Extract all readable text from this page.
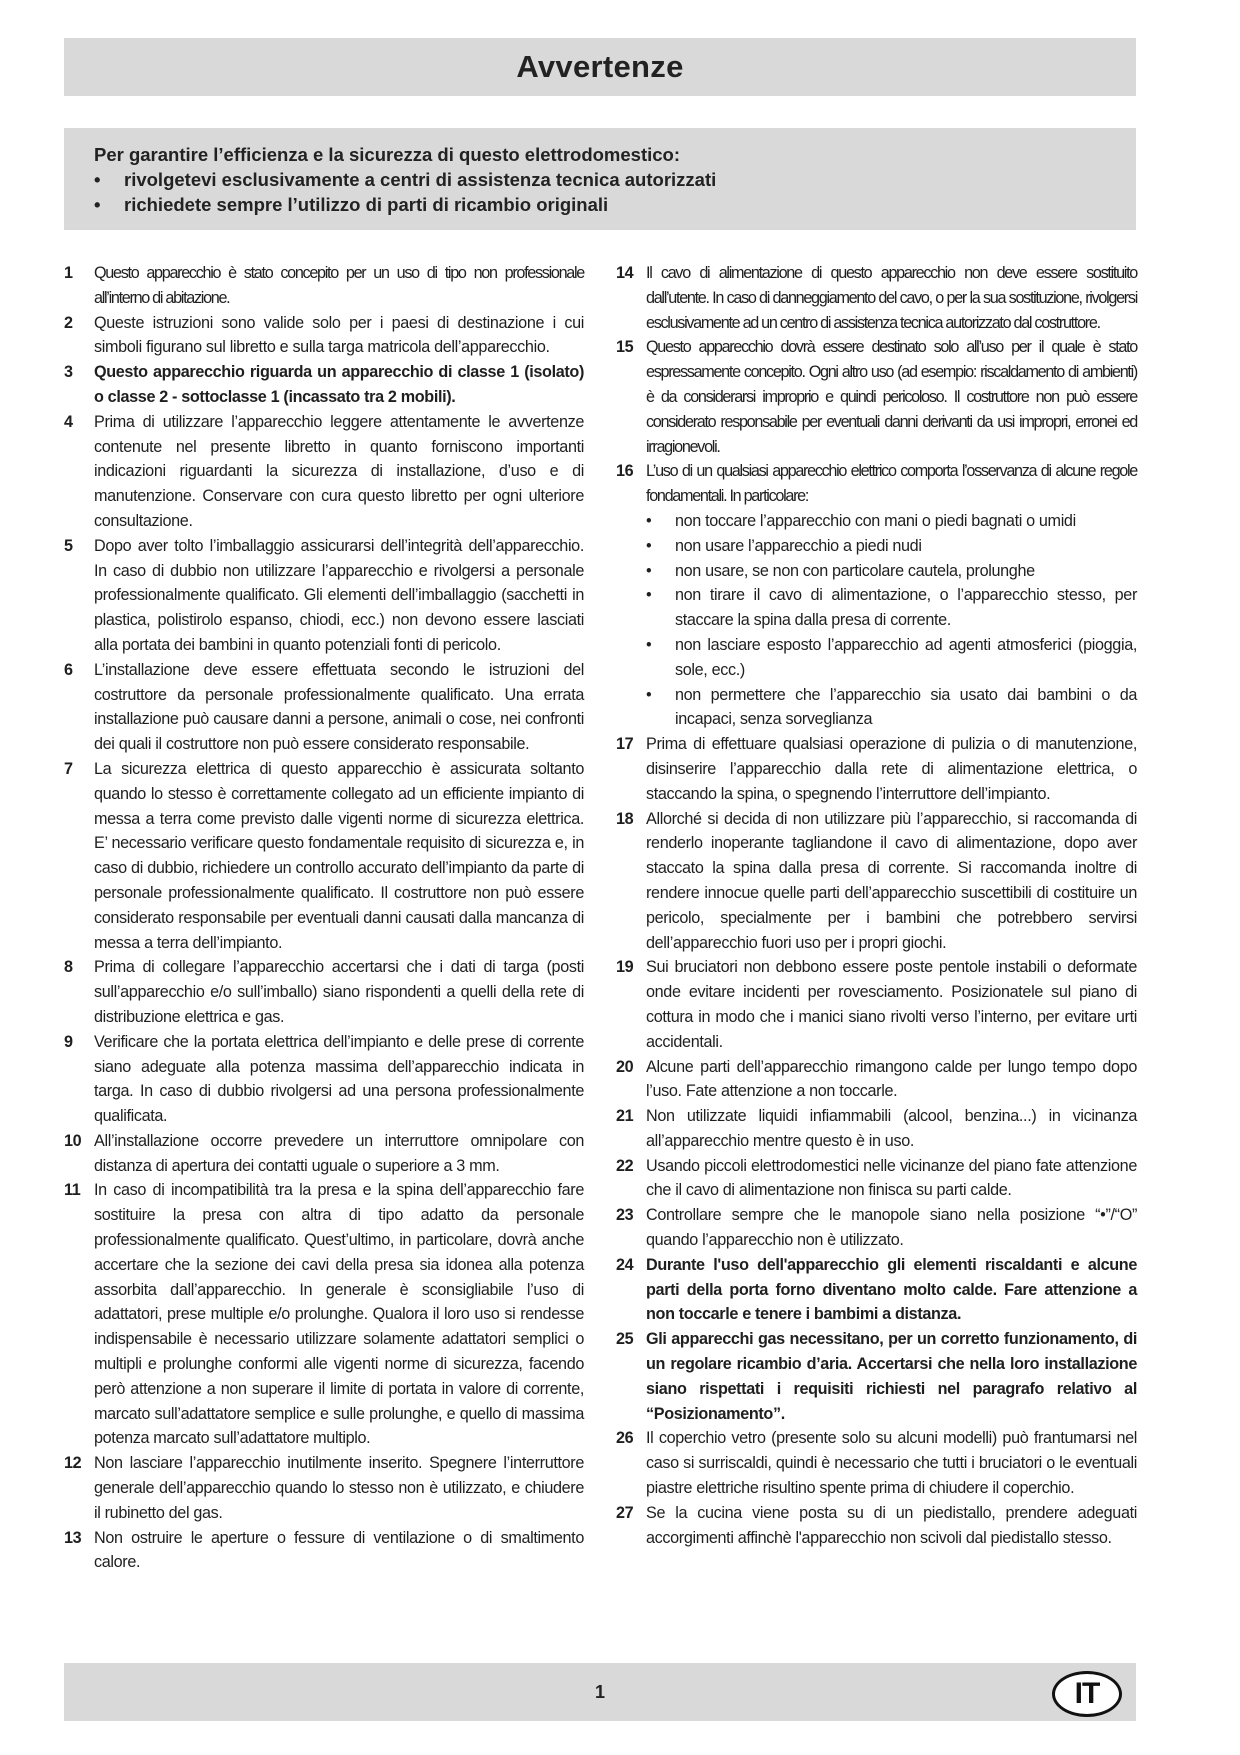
Avvertenze
Per garantire l’efficienza e la sicurezza di questo elettrodomestico:
•	rivolgetevi esclusivamente a centri di assistenza tecnica autorizzati
•	richiedete sempre l’utilizzo di parti di ricambio originali
1	Questo apparecchio è stato concepito per un uso di tipo non professionale all’interno di abitazione.
2	Queste istruzioni sono valide solo per i paesi di destinazione i cui simboli figurano sul libretto e sulla targa matricola dell’apparecchio.
3	Questo apparecchio riguarda un apparecchio di classe 1 (isolato) o classe 2 - sottoclasse 1 (incassato tra 2 mobili).
4	Prima di utilizzare l’apparecchio leggere attentamente le avvertenze contenute nel presente libretto in quanto forniscono importanti indicazioni riguardanti la sicurezza di installazione, d’uso e di manutenzione. Conservare con cura questo libretto per ogni ulteriore consultazione.
5	Dopo aver tolto l’imballaggio assicurarsi dell’integrità dell’apparecchio. In caso di dubbio non utilizzare l’apparecchio e rivolgersi a personale professionalmente qualificato. Gli elementi dell’imballaggio (sacchetti in plastica, polistirolo espanso, chiodi, ecc.) non devono essere lasciati alla portata dei bambini in quanto potenziali fonti di pericolo.
6	L’installazione deve essere effettuata secondo le istruzioni del costruttore da personale professionalmente qualificato. Una errata installazione può causare danni a persone, animali o cose, nei confronti dei quali il costruttore non può essere considerato responsabile.
7	La sicurezza elettrica di questo apparecchio è assicurata soltanto quando lo stesso è correttamente collegato ad un efficiente impianto di messa a terra come previsto dalle vigenti norme di sicurezza elettrica. E’ necessario verificare questo fondamentale requisito di sicurezza e, in caso di dubbio, richiedere un controllo accurato dell’impianto da parte di personale professionalmente qualificato. Il costruttore non può essere considerato responsabile per eventuali danni causati dalla mancanza di messa a terra dell’impianto.
8	Prima di collegare l’apparecchio accertarsi che i dati di targa (posti sull’apparecchio e/o sull’imballo) siano rispondenti a quelli della rete di distribuzione elettrica e gas.
9	Verificare che la portata elettrica dell’impianto e delle prese di corrente siano adeguate alla potenza massima dell’apparecchio indicata in targa. In caso di dubbio rivolgersi ad una persona professionalmente qualificata.
10 All’installazione occorre prevedere un interruttore omnipolare con distanza di apertura dei contatti uguale o superiore a 3 mm.
11 In caso di incompatibilità tra la presa e la spina dell’apparecchio fare sostituire la presa con altra di tipo adatto da personale professionalmente qualificato. Quest’ultimo, in particolare, dovrà anche accertare che la sezione dei cavi della presa sia idonea alla potenza assorbita dall’apparecchio. In generale è sconsigliabile l’uso di adattatori, prese multiple e/o prolunghe. Qualora il loro uso si rendesse indispensabile è necessario utilizzare solamente adattatori semplici o multipli e prolunghe conformi alle vigenti norme di sicurezza, facendo però attenzione a non superare il limite di portata in valore di corrente, marcato sull’adattatore semplice e sulle prolunghe, e quello di massima potenza marcato sull’adattatore multiplo.
12 Non lasciare l’apparecchio inutilmente inserito. Spegnere l’interruttore generale dell’apparecchio quando lo stesso non è utilizzato, e chiudere il rubinetto del gas.
13 Non ostruire le aperture o fessure di ventilazione o di smaltimento calore.
14 Il cavo di alimentazione di questo apparecchio non deve essere sostituito dall’utente. In caso di danneggiamento del cavo, o per la sua sostituzione, rivolgersi esclusivamente ad un centro di assistenza tecnica autorizzato dal costruttore.
15 Questo apparecchio dovrà essere destinato solo all’uso per il quale è stato espressamente concepito. Ogni altro uso (ad esempio: riscaldamento di ambienti) è da considerarsi improprio e quindi pericoloso. Il costruttore non può essere considerato responsabile per eventuali danni derivanti da usi impropri, erronei ed irragionevoli.
16 L’uso di un qualsiasi apparecchio elettrico comporta l’osservanza di alcune regole fondamentali. In particolare:
•	non toccare l’apparecchio con mani o piedi bagnati o umidi
•	non usare l’apparecchio a piedi nudi
•	non usare, se non con particolare cautela, prolunghe
•	non tirare il cavo di alimentazione, o l’apparecchio stesso, per staccare la spina dalla presa di corrente.
•	non lasciare esposto l’apparecchio ad agenti atmosferici (pioggia, sole, ecc.)
•	non permettere che l’apparecchio sia usato dai bambini o da incapaci, senza sorveglianza
17 Prima di effettuare qualsiasi operazione di pulizia o di manutenzione, disinserire l’apparecchio dalla rete di alimentazione elettrica, o staccando la spina, o spegnendo l’interruttore dell’impianto.
18 Allorché si decida di non utilizzare più l’apparecchio, si raccomanda di renderlo inoperante tagliandone il cavo di alimentazione, dopo aver staccato la spina dalla presa di corrente. Si raccomanda inoltre di rendere innocue quelle parti dell’apparecchio suscettibili di costituire un pericolo, specialmente per i bambini che potrebbero servirsi dell’apparecchio fuori uso per i propri giochi.
19 Sui bruciatori non debbono essere poste pentole instabili o deformate onde evitare incidenti per rovesciamento. Posizionatele sul piano di cottura in modo che i manici siano rivolti verso l’interno, per evitare urti accidentali.
20 Alcune parti dell’apparecchio rimangono calde per lungo tempo dopo l’uso. Fate attenzione a non toccarle.
21 Non utilizzate liquidi infiammabili (alcool, benzina...) in vicinanza all’apparecchio mentre questo è in uso.
22 Usando piccoli elettrodomestici nelle vicinanze del piano fate attenzione che il cavo di alimentazione non finisca su parti calde.
23 Controllare sempre che le manopole siano nella posizione “•”/“O” quando l’apparecchio non è utilizzato.
24 Durante l'uso dell'apparecchio gli elementi riscaldanti e alcune parti della porta forno diventano molto calde. Fare attenzione a non toccarle e tenere i bambimi a distanza.
25 Gli apparecchi gas necessitano, per un corretto funzionamento, di un regolare ricambio d’aria. Accertarsi che nella loro installazione siano rispettati i requisiti richiesti nel paragrafo relativo al “Posizionamento”.
26 Il coperchio vetro (presente solo su alcuni modelli) può frantumarsi nel caso si surriscaldi, quindi è necessario che tutti i bruciatori o le eventuali piastre elettriche risultino spente prima di chiudere il coperchio.
27 Se la cucina viene posta su di un piedistallo, prendere adeguati accorgimenti affinchè l'apparecchio non scivoli dal piedistallo stesso.
1	IT
